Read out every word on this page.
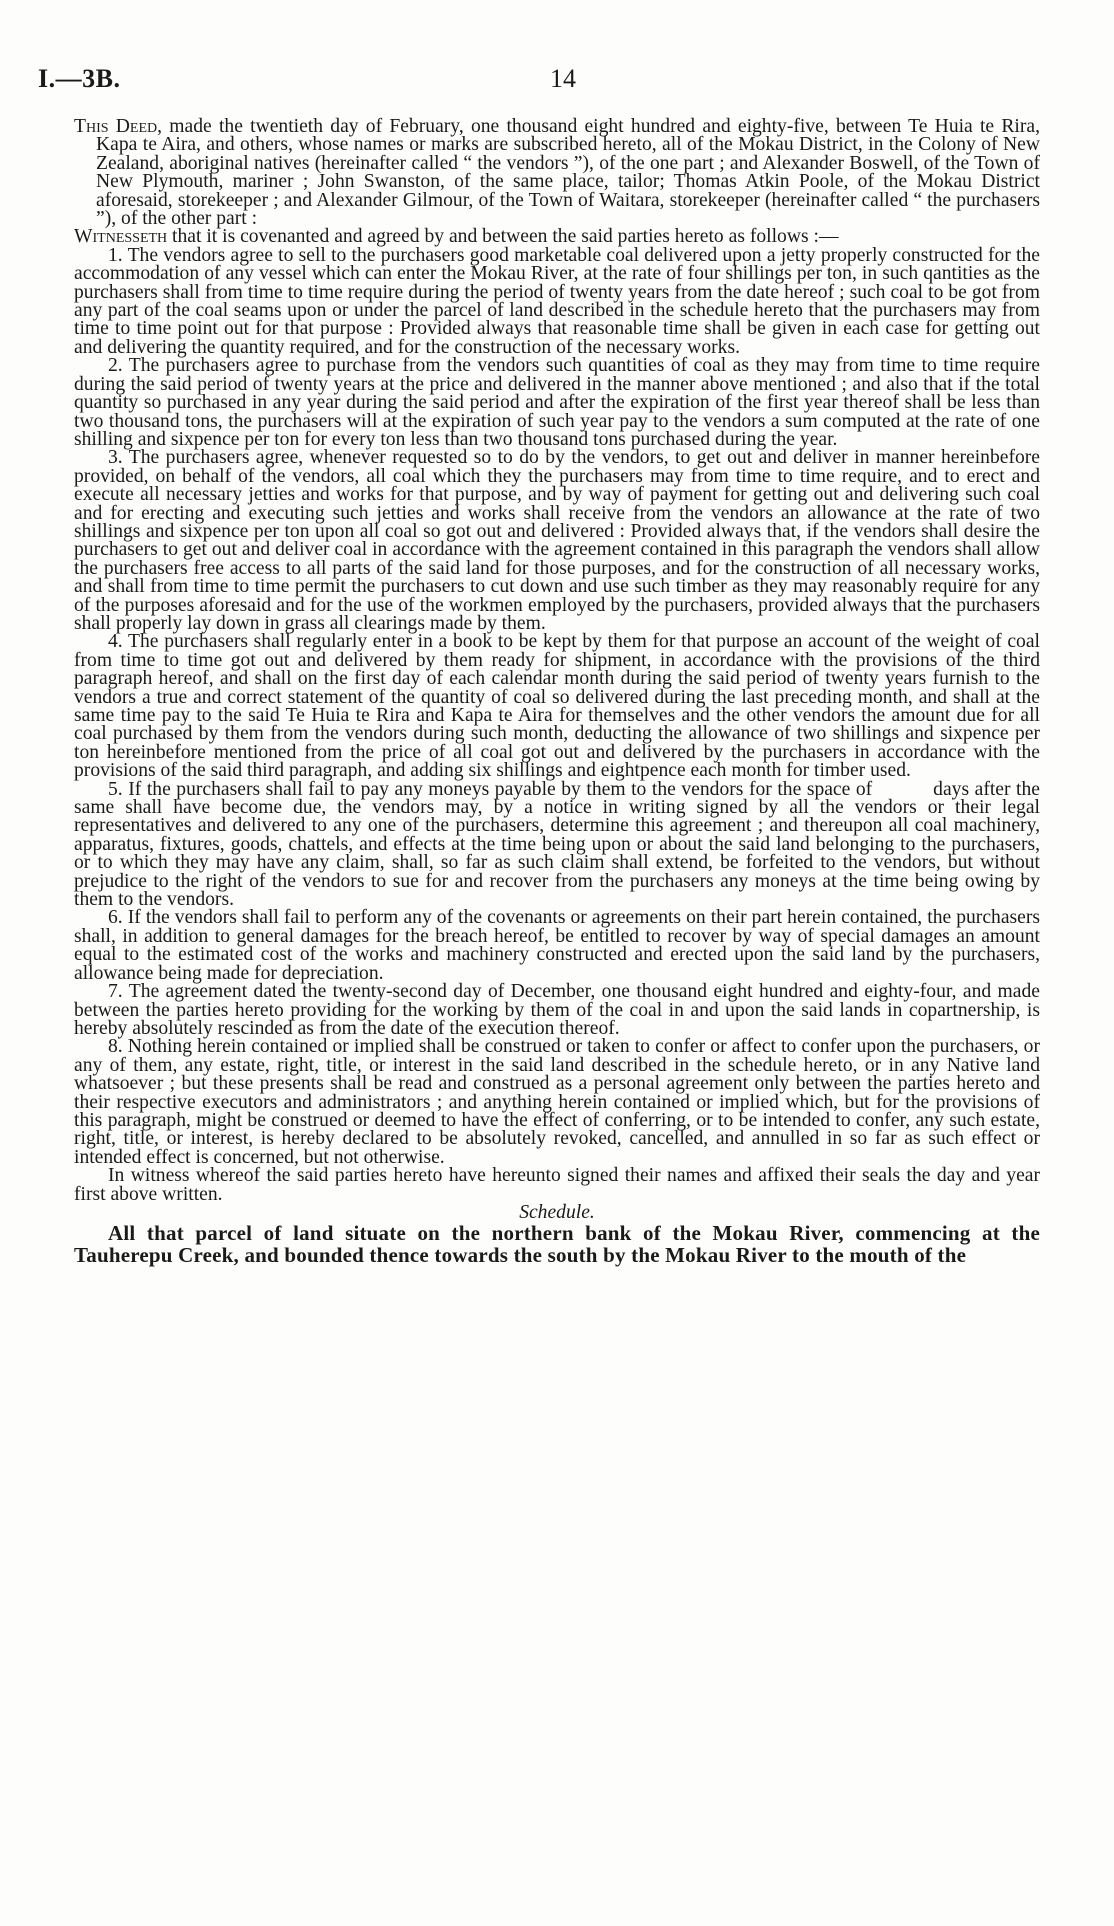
I.—3B.	14

This Deed, made the twentieth day of February, one thousand eight hundred and eighty-five, between Te Huia te Rira, Kapa te Aira, and others, whose names or marks are subscribed hereto, all of the Mokau District, in the Colony of New Zealand, aboriginal natives (hereinafter called “ the vendors ”), of the one part ; and Alexander Boswell, of the Town of New Plymouth, mariner ; John Swanston, of the same place, tailor; Thomas Atkin Poole, of the Mokau District aforesaid, storekeeper ; and Alexander Gilmour, of the Town of Waitara, storekeeper (hereinafter called “ the purchasers ”), of the other part :

Witnesseth that it is covenanted and agreed by and between the said parties hereto as follows :—

1. The vendors agree to sell to the purchasers good marketable coal delivered upon a jetty properly constructed for the accommodation of any vessel which can enter the Mokau River, at the rate of four shillings per ton, in such qantities as the purchasers shall from time to time require during the period of twenty years from the date hereof ; such coal to be got from any part of the coal seams upon or under the parcel of land described in the schedule hereto that the purchasers may from time to time point out for that purpose : Provided always that reasonable time shall be given in each case for getting out and delivering the quantity required, and for the construction of the necessary works.

2. The purchasers agree to purchase from the vendors such quantities of coal as they may from time to time require during the said period of twenty years at the price and delivered in the manner above mentioned ; and also that if the total quantity so purchased in any year during the said period and after the expiration of the first year thereof shall be less than two thousand tons, the purchasers will at the expiration of such year pay to the vendors a sum computed at the rate of one shilling and sixpence per ton for every ton less than two thousand tons purchased during the year.

3. The purchasers agree, whenever requested so to do by the vendors, to get out and deliver in manner hereinbefore provided, on behalf of the vendors, all coal which they the purchasers may from time to time require, and to erect and execute all necessary jetties and works for that purpose, and by way of payment for getting out and delivering such coal and for erecting and executing such jetties and works shall receive from the vendors an allowance at the rate of two shillings and sixpence per ton upon all coal so got out and delivered : Provided always that, if the vendors shall desire the purchasers to get out and deliver coal in accordance with the agreement contained in this paragraph the vendors shall allow the purchasers free access to all parts of the said land for those purposes, and for the construction of all necessary works, and shall from time to time permit the purchasers to cut down and use such timber as they may reasonably require for any of the purposes aforesaid and for the use of the workmen employed by the purchasers, provided always that the purchasers shall properly lay down in grass all clearings made by them.

4. The purchasers shall regularly enter in a book to be kept by them for that purpose an account of the weight of coal from time to time got out and delivered by them ready for shipment, in accordance with the provisions of the third paragraph hereof, and shall on the first day of each calendar month during the said period of twenty years furnish to the vendors a true and correct statement of the quantity of coal so delivered during the last preceding month, and shall at the same time pay to the said Te Huia te Rira and Kapa te Aira for themselves and the other vendors the amount due for all coal purchased by them from the vendors during such month, deducting the allowance of two shillings and sixpence per ton hereinbefore mentioned from the price of all coal got out and delivered by the purchasers in accordance with the provisions of the said third paragraph, and adding six shillings and eightpence each month for timber used.

5. If the purchasers shall fail to pay any moneys payable by them to the vendors for the space of           days after the same shall have become due, the vendors may, by a notice in writing signed by all the vendors or their legal representatives and delivered to any one of the purchasers, determine this agreement ; and thereupon all coal machinery, apparatus, fixtures, goods, chattels, and effects at the time being upon or about the said land belonging to the purchasers, or to which they may have any claim, shall, so far as such claim shall extend, be forfeited to the vendors, but without prejudice to the right of the vendors to sue for and recover from the purchasers any moneys at the time being owing by them to the vendors.

6. If the vendors shall fail to perform any of the covenants or agreements on their part herein contained, the purchasers shall, in addition to general damages for the breach hereof, be entitled to recover by way of special damages an amount equal to the estimated cost of the works and machinery constructed and erected upon the said land by the purchasers, allowance being made for depreciation.

7. The agreement dated the twenty-second day of December, one thousand eight hundred and eighty-four, and made between the parties hereto providing for the working by them of the coal in and upon the said lands in copartnership, is hereby absolutely rescinded as from the date of the execution thereof.

8. Nothing herein contained or implied shall be construed or taken to confer or affect to confer upon the purchasers, or any of them, any estate, right, title, or interest in the said land described in the schedule hereto, or in any Native land whatsoever ; but these presents shall be read and construed as a personal agreement only between the parties hereto and their respective executors and administrators ; and anything herein contained or implied which, but for the provisions of this paragraph, might be construed or deemed to have the effect of conferring, or to be intended to confer, any such estate, right, title, or interest, is hereby declared to be absolutely revoked, cancelled, and annulled in so far as such effect or intended effect is concerned, but not otherwise.

In witness whereof the said parties hereto have hereunto signed their names and affixed their seals the day and year first above written.

Schedule.

All that parcel of land situate on the northern bank of the Mokau River, commencing at the Tauherepu Creek, and bounded thence towards the south by the Mokau River to the mouth of the
